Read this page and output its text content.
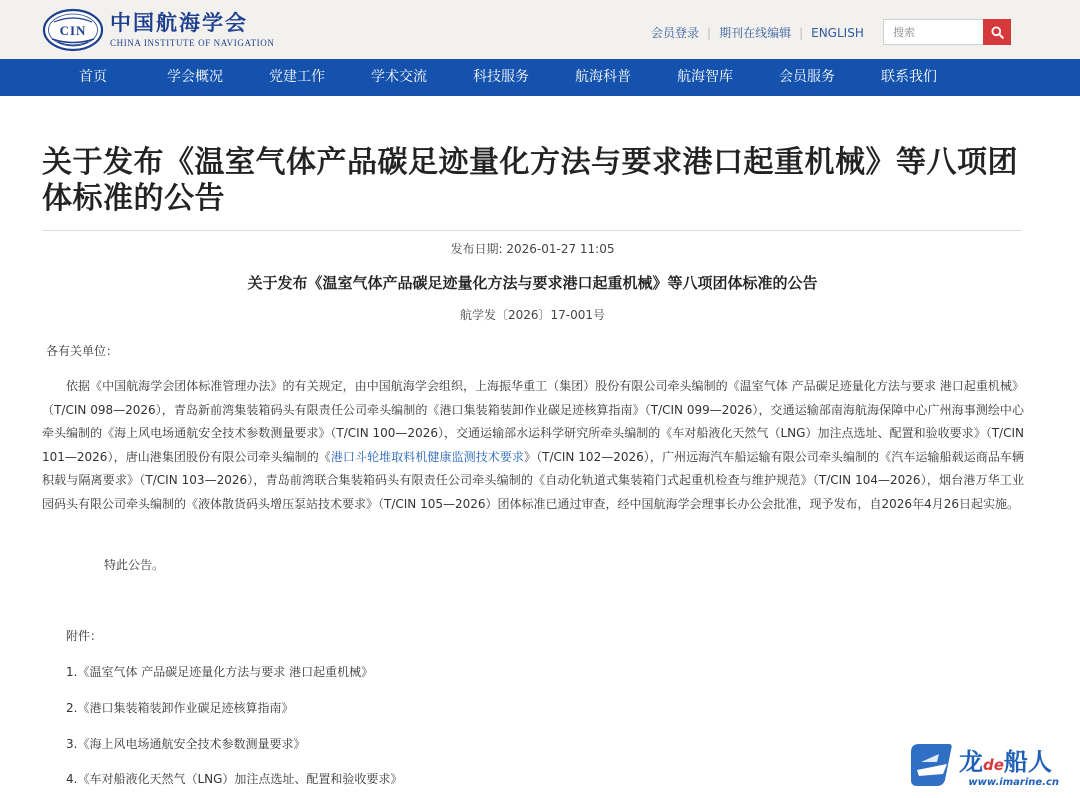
CIN 中国航海学会
CHINA INSTITUTE OF NAVIGATION
会员登录 | 期刊在线编辑 | ENGLISH
搜索
首页	学会概况	党建工作	学术交流	科技服务	航海科普	航海智库	会员服务	联系我们
关于发布《温室气体产品碳足迹量化方法与要求港口起重机械》等八项团体标准的公告
发布日期: 2026-01-27 11:05
关于发布《温室气体产品碳足迹量化方法与要求港口起重机械》等八项团体标准的公告
航学发〔2026〕17-001号
各有关单位：

依据《中国航海学会团体标准管理办法》的有关规定，由中国航海学会组织，上海振华重工（集团）股份有限公司牵头编制的《温室气体 产品碳足迹量化方法与要求 港口起重机械》（T/CIN 098—2026），青岛新前湾集装箱码头有限责任公司牵头编制的《港口集装箱装卸作业碳足迹核算指南》（T/CIN 099—2026），交通运输部南海航海保障中心广州海事测绘中心牵头编制的《海上风电场通航安全技术参数测量要求》（T/CIN 100—2026），交通运输部水运科学研究所牵头编制的《车对船液化天然气（LNG）加注点选址、配置和验收要求》（T/CIN 101—2026），唐山港集团股份有限公司牵头编制的《港口斗轮堆取料机健康监测技术要求》（T/CIN 102—2026），广州远海汽车船运输有限公司牵头编制的《汽车运输船载运商品车辆积载与隔离要求》（T/CIN 103—2026），青岛前湾联合集装箱码头有限责任公司牵头编制的《自动化轨道式集装箱门式起重机检查与维护规范》（T/CIN 104—2026），烟台港万华工业园码头有限公司牵头编制的《液体散货码头增压泵站技术要求》（T/CIN 105—2026）团体标准已通过审查，经中国航海学会理事长办公会批准，现予发布，自2026年4月26日起实施。

特此公告。
附件：
1.《温室气体 产品碳足迹量化方法与要求 港口起重机械》
2.《港口集装箱装卸作业碳足迹核算指南》
3.《海上风电场通航安全技术参数测量要求》
4.《车对船液化天然气（LNG）加注点选址、配置和验收要求》
龙de船人
www.imarine.cn
